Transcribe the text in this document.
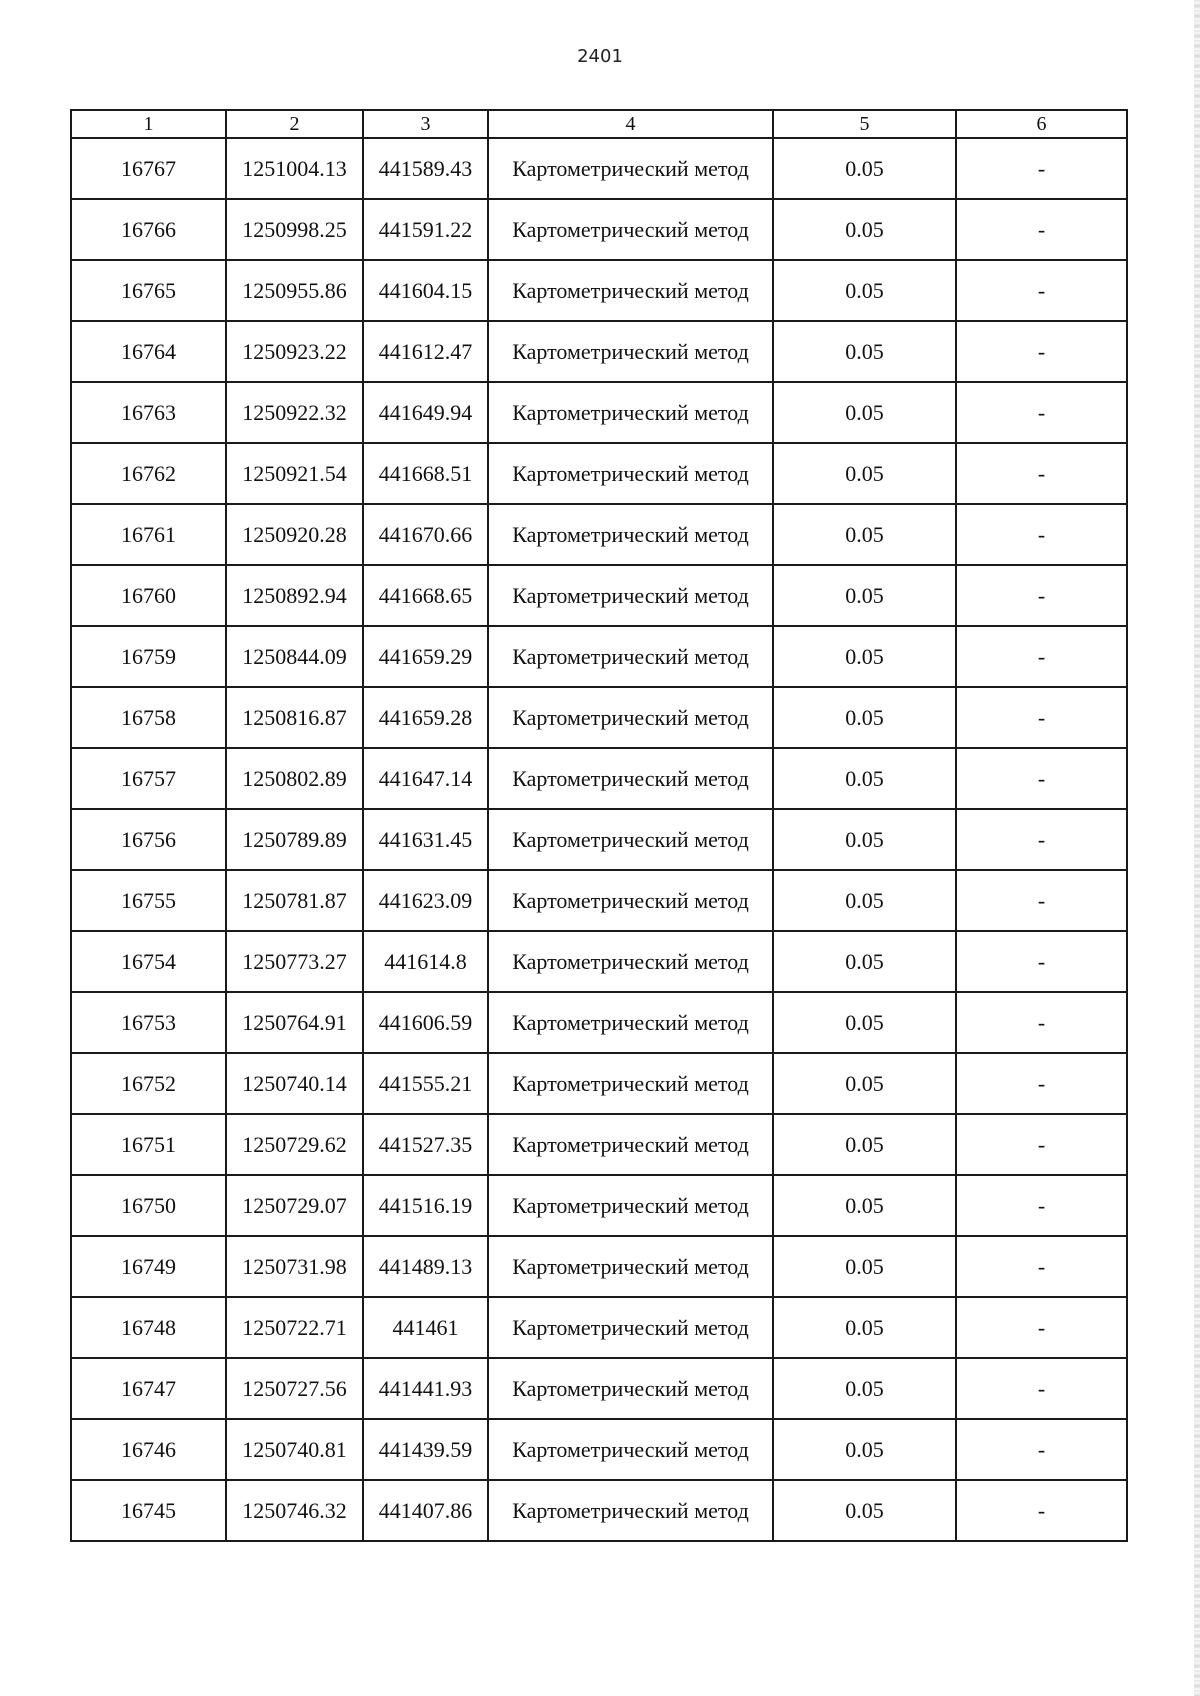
2401
1	2	3	4	5	6
16767	1251004.13	441589.43	Картометрический метод	0.05	-
16766	1250998.25	441591.22	Картометрический метод	0.05	-
16765	1250955.86	441604.15	Картометрический метод	0.05	-
16764	1250923.22	441612.47	Картометрический метод	0.05	-
16763	1250922.32	441649.94	Картометрический метод	0.05	-
16762	1250921.54	441668.51	Картометрический метод	0.05	-
16761	1250920.28	441670.66	Картометрический метод	0.05	-
16760	1250892.94	441668.65	Картометрический метод	0.05	-
16759	1250844.09	441659.29	Картометрический метод	0.05	-
16758	1250816.87	441659.28	Картометрический метод	0.05	-
16757	1250802.89	441647.14	Картометрический метод	0.05	-
16756	1250789.89	441631.45	Картометрический метод	0.05	-
16755	1250781.87	441623.09	Картометрический метод	0.05	-
16754	1250773.27	441614.8	Картометрический метод	0.05	-
16753	1250764.91	441606.59	Картометрический метод	0.05	-
16752	1250740.14	441555.21	Картометрический метод	0.05	-
16751	1250729.62	441527.35	Картометрический метод	0.05	-
16750	1250729.07	441516.19	Картометрический метод	0.05	-
16749	1250731.98	441489.13	Картометрический метод	0.05	-
16748	1250722.71	441461	Картометрический метод	0.05	-
16747	1250727.56	441441.93	Картометрический метод	0.05	-
16746	1250740.81	441439.59	Картометрический метод	0.05	-
16745	1250746.32	441407.86	Картометрический метод	0.05	-
